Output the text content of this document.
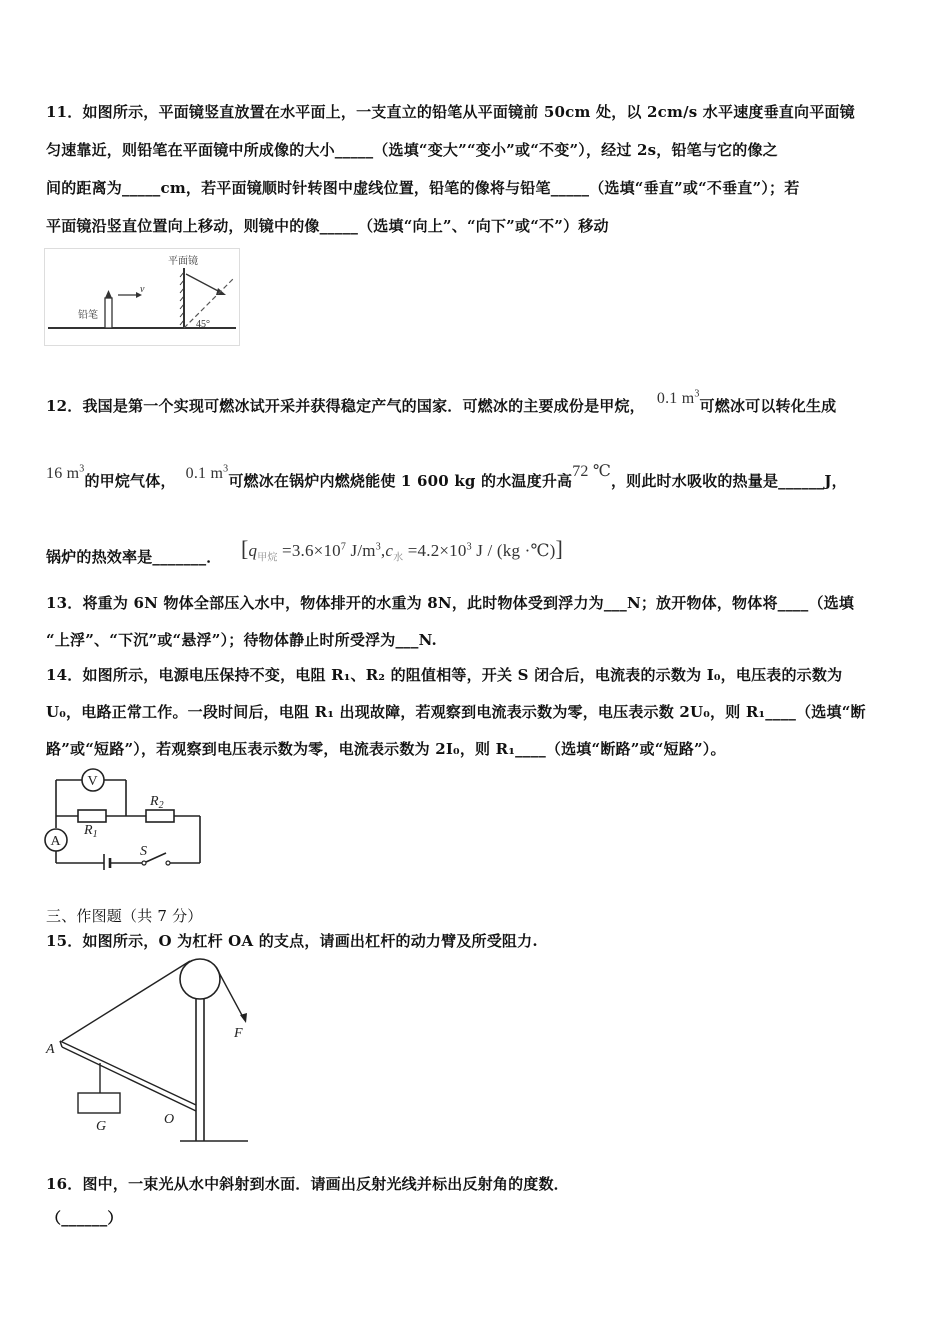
11．如图所示，平面镜竖直放置在水平面上，一支直立的铅笔从平面镜前 50cm 处，以 2cm/s 水平速度垂直向平面镜
匀速靠近，则铅笔在平面镜中所成像的大小_____（选填“变大”“变小”或“不变”），经过 2s，铅笔与它的像之
间的距离为_____cm，若平面镜顺时针转图中虚线位置，铅笔的像将与铅笔_____（选填“垂直”或“不垂直”）；若
平面镜沿竖直位置向上移动，则镜中的像_____（选填“向上”、“向下”或“不”）移动
铅笔
v
平面镜
45°
12．我国是第一个实现可燃冰试开采并获得稳定产气的国家．可燃冰的主要成份是甲烷， 0.1 $m^3$可燃冰可以转化生成
16 $m^3$的甲烷气体， 0.1 $m^3$可燃冰在锅炉内燃烧能使 1 600 kg 的水温度升高72 ℃，则此时水吸收的热量是______J，
锅炉的热效率是_______． [$q_{甲烷} =3.6\times 10^7$ $J/m^3,c_水 =4.2\times 10^3$ J / (kg ·℃)]
13．将重为 6N 物体全部压入水中，物体排开的水重为 8N，此时物体受到浮力为___N；放开物体，物体将____（选填
“上浮”、“下沉”或“悬浮”）；待物体静止时所受浮为___N.
14．如图所示，电源电压保持不变，电阻 R₁、R₂ 的阻值相等，开关 S 闭合后，电流表的示数为 I₀，电压表的示数为
U₀，电路正常工作。一段时间后，电阻 R₁ 出现故障，若观察到电流表示数为零，电压表示数 2U₀，则 R₁____（选填“断
路”或“短路”），若观察到电压表示数为零，电流表示数为 2I₀，则 R₁____（选填“断路”或“短路”）。
V
$R_1$
$R_2$
A
S
三、作图题（共 7 分）
15．如图所示，O 为杠杆 OA 的支点，请画出杠杆的动力臂及所受阻力.
F
A
O
G
16．图中，一束光从水中斜射到水面．请画出反射光线并标出反射角的度数．
（______）
